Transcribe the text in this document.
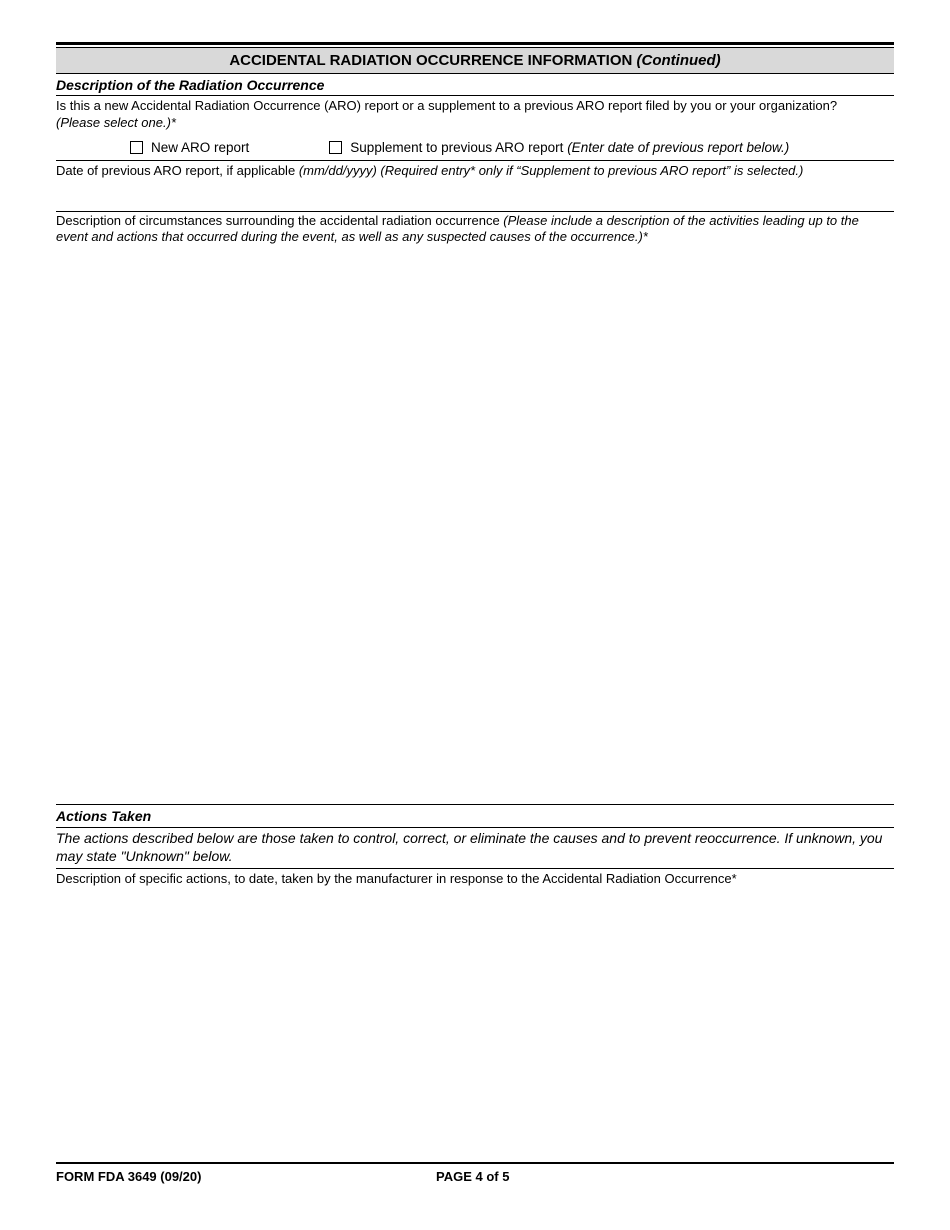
ACCIDENTAL RADIATION OCCURRENCE INFORMATION (Continued)
Description of the Radiation Occurrence
Is this a new Accidental Radiation Occurrence (ARO) report or a supplement to a previous ARO report filed by you or your organization?
(Please select one.)*
New ARO report	Supplement to previous ARO report
(Enter date of previous report below.)
Date of previous ARO report, if applicable (mm/dd/yyyy) (Required entry* only if “Supplement to previous ARO report” is selected.)
Description of circumstances surrounding the accidental radiation occurrence (Please include a description of the activities leading up to the event and actions that occurred during the event, as well as any suspected causes of the occurrence.)*
Actions Taken
The actions described below are those taken to control, correct, or eliminate the causes and to prevent reoccurrence. If unknown, you may state "Unknown" below.
Description of specific actions, to date, taken by the manufacturer in response to the Accidental Radiation Occurrence*
FORM FDA 3649 (09/20)	PAGE 4 of 5
